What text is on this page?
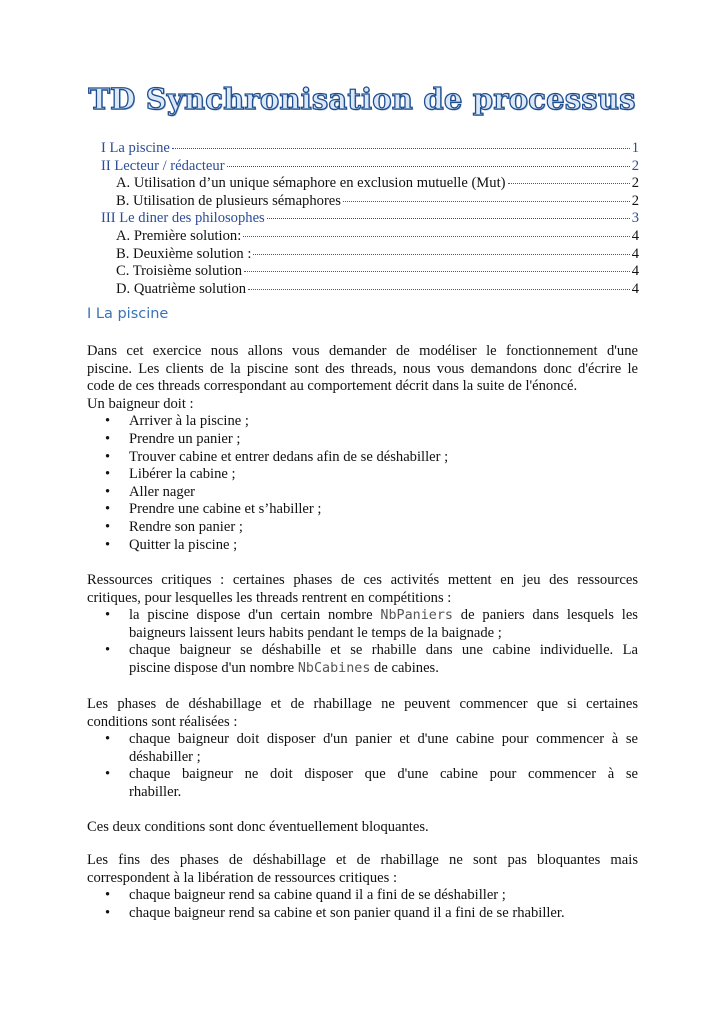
TD Synchronisation de processus
I La piscine	1
II Lecteur / rédacteur	2
A. Utilisation d’un unique sémaphore en exclusion mutuelle (Mut)	2
B. Utilisation de plusieurs sémaphores	2
III Le diner des philosophes	3
A. Première solution:	4
B. Deuxième solution :	4
C. Troisième solution	4
D. Quatrième solution	4
I La piscine
Dans cet exercice nous allons vous demander de modéliser le fonctionnement d'une
piscine. Les clients de la piscine sont des threads, nous vous demandons donc d'écrire le
code de ces threads correspondant au comportement décrit dans la suite de l'énoncé.
Un baigneur doit :
• Arriver à la piscine ;
• Prendre un panier ;
• Trouver cabine et entrer dedans afin de se déshabiller ;
• Libérer la cabine ;
• Aller nager
• Prendre une cabine et s’habiller ;
• Rendre son panier ;
• Quitter la piscine ;
Ressources critiques : certaines phases de ces activités mettent en jeu des ressources
critiques, pour lesquelles les threads rentrent en compétitions :
• la piscine dispose d'un certain nombre NbPaniers de paniers dans lesquels les
baigneurs laissent leurs habits pendant le temps de la baignade ;
• chaque baigneur se déshabille et se rhabille dans une cabine individuelle. La
piscine dispose d'un nombre NbCabines de cabines.
Les phases de déshabillage et de rhabillage ne peuvent commencer que si certaines
conditions sont réalisées :
• chaque baigneur doit disposer d'un panier et d'une cabine pour commencer à se
déshabiller ;
• chaque baigneur ne doit disposer que d'une cabine pour commencer à se
rhabiller.
Ces deux conditions sont donc éventuellement bloquantes.
Les fins des phases de déshabillage et de rhabillage ne sont pas bloquantes mais
correspondent à la libération de ressources critiques :
• chaque baigneur rend sa cabine quand il a fini de se déshabiller ;
• chaque baigneur rend sa cabine et son panier quand il a fini de se rhabiller.
